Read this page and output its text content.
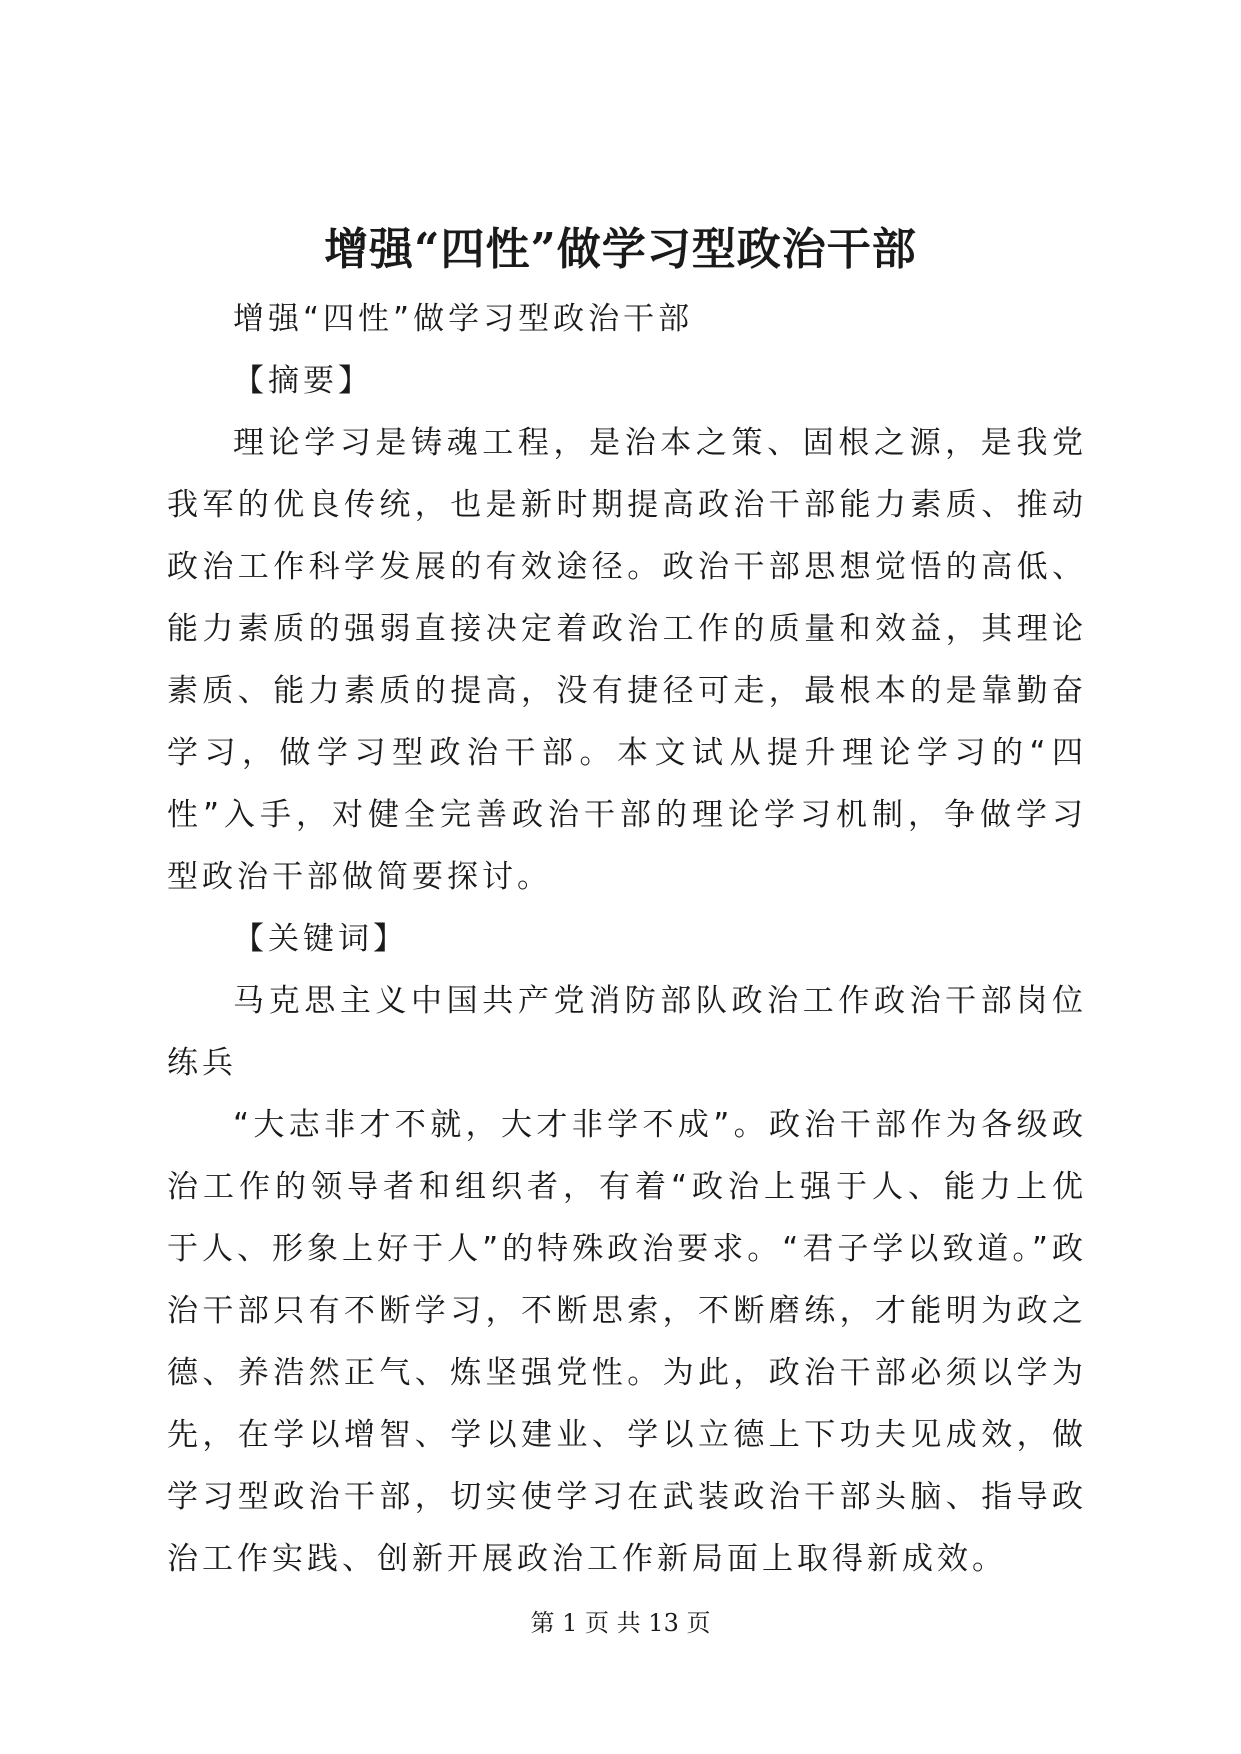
增强“四性”做学习型政治干部

增强“四性”做学习型政治干部

【摘要】

理论学习是铸魂工程，是治本之策、固根之源，是我党我军的优良传统，也是新时期提高政治干部能力素质、推动政治工作科学发展的有效途径。政治干部思想觉悟的高低、能力素质的强弱直接决定着政治工作的质量和效益，其理论素质、能力素质的提高，没有捷径可走，最根本的是靠勤奋学习，做学习型政治干部。本文试从提升理论学习的“四性”入手，对健全完善政治干部的理论学习机制，争做学习型政治干部做简要探讨。

【关键词】

马克思主义中国共产党消防部队政治工作政治干部岗位练兵

“大志非才不就，大才非学不成”。政治干部作为各级政治工作的领导者和组织者，有着“政治上强于人、能力上优于人、形象上好于人”的特殊政治要求。“君子学以致道。”政治干部只有不断学习，不断思索，不断磨练，才能明为政之德、养浩然正气、炼坚强党性。为此，政治干部必须以学为先，在学以增智、学以建业、学以立德上下功夫见成效，做学习型政治干部，切实使学习在武装政治干部头脑、指导政治工作实践、创新开展政治工作新局面上取得新成效。

第 1 页 共 13 页
